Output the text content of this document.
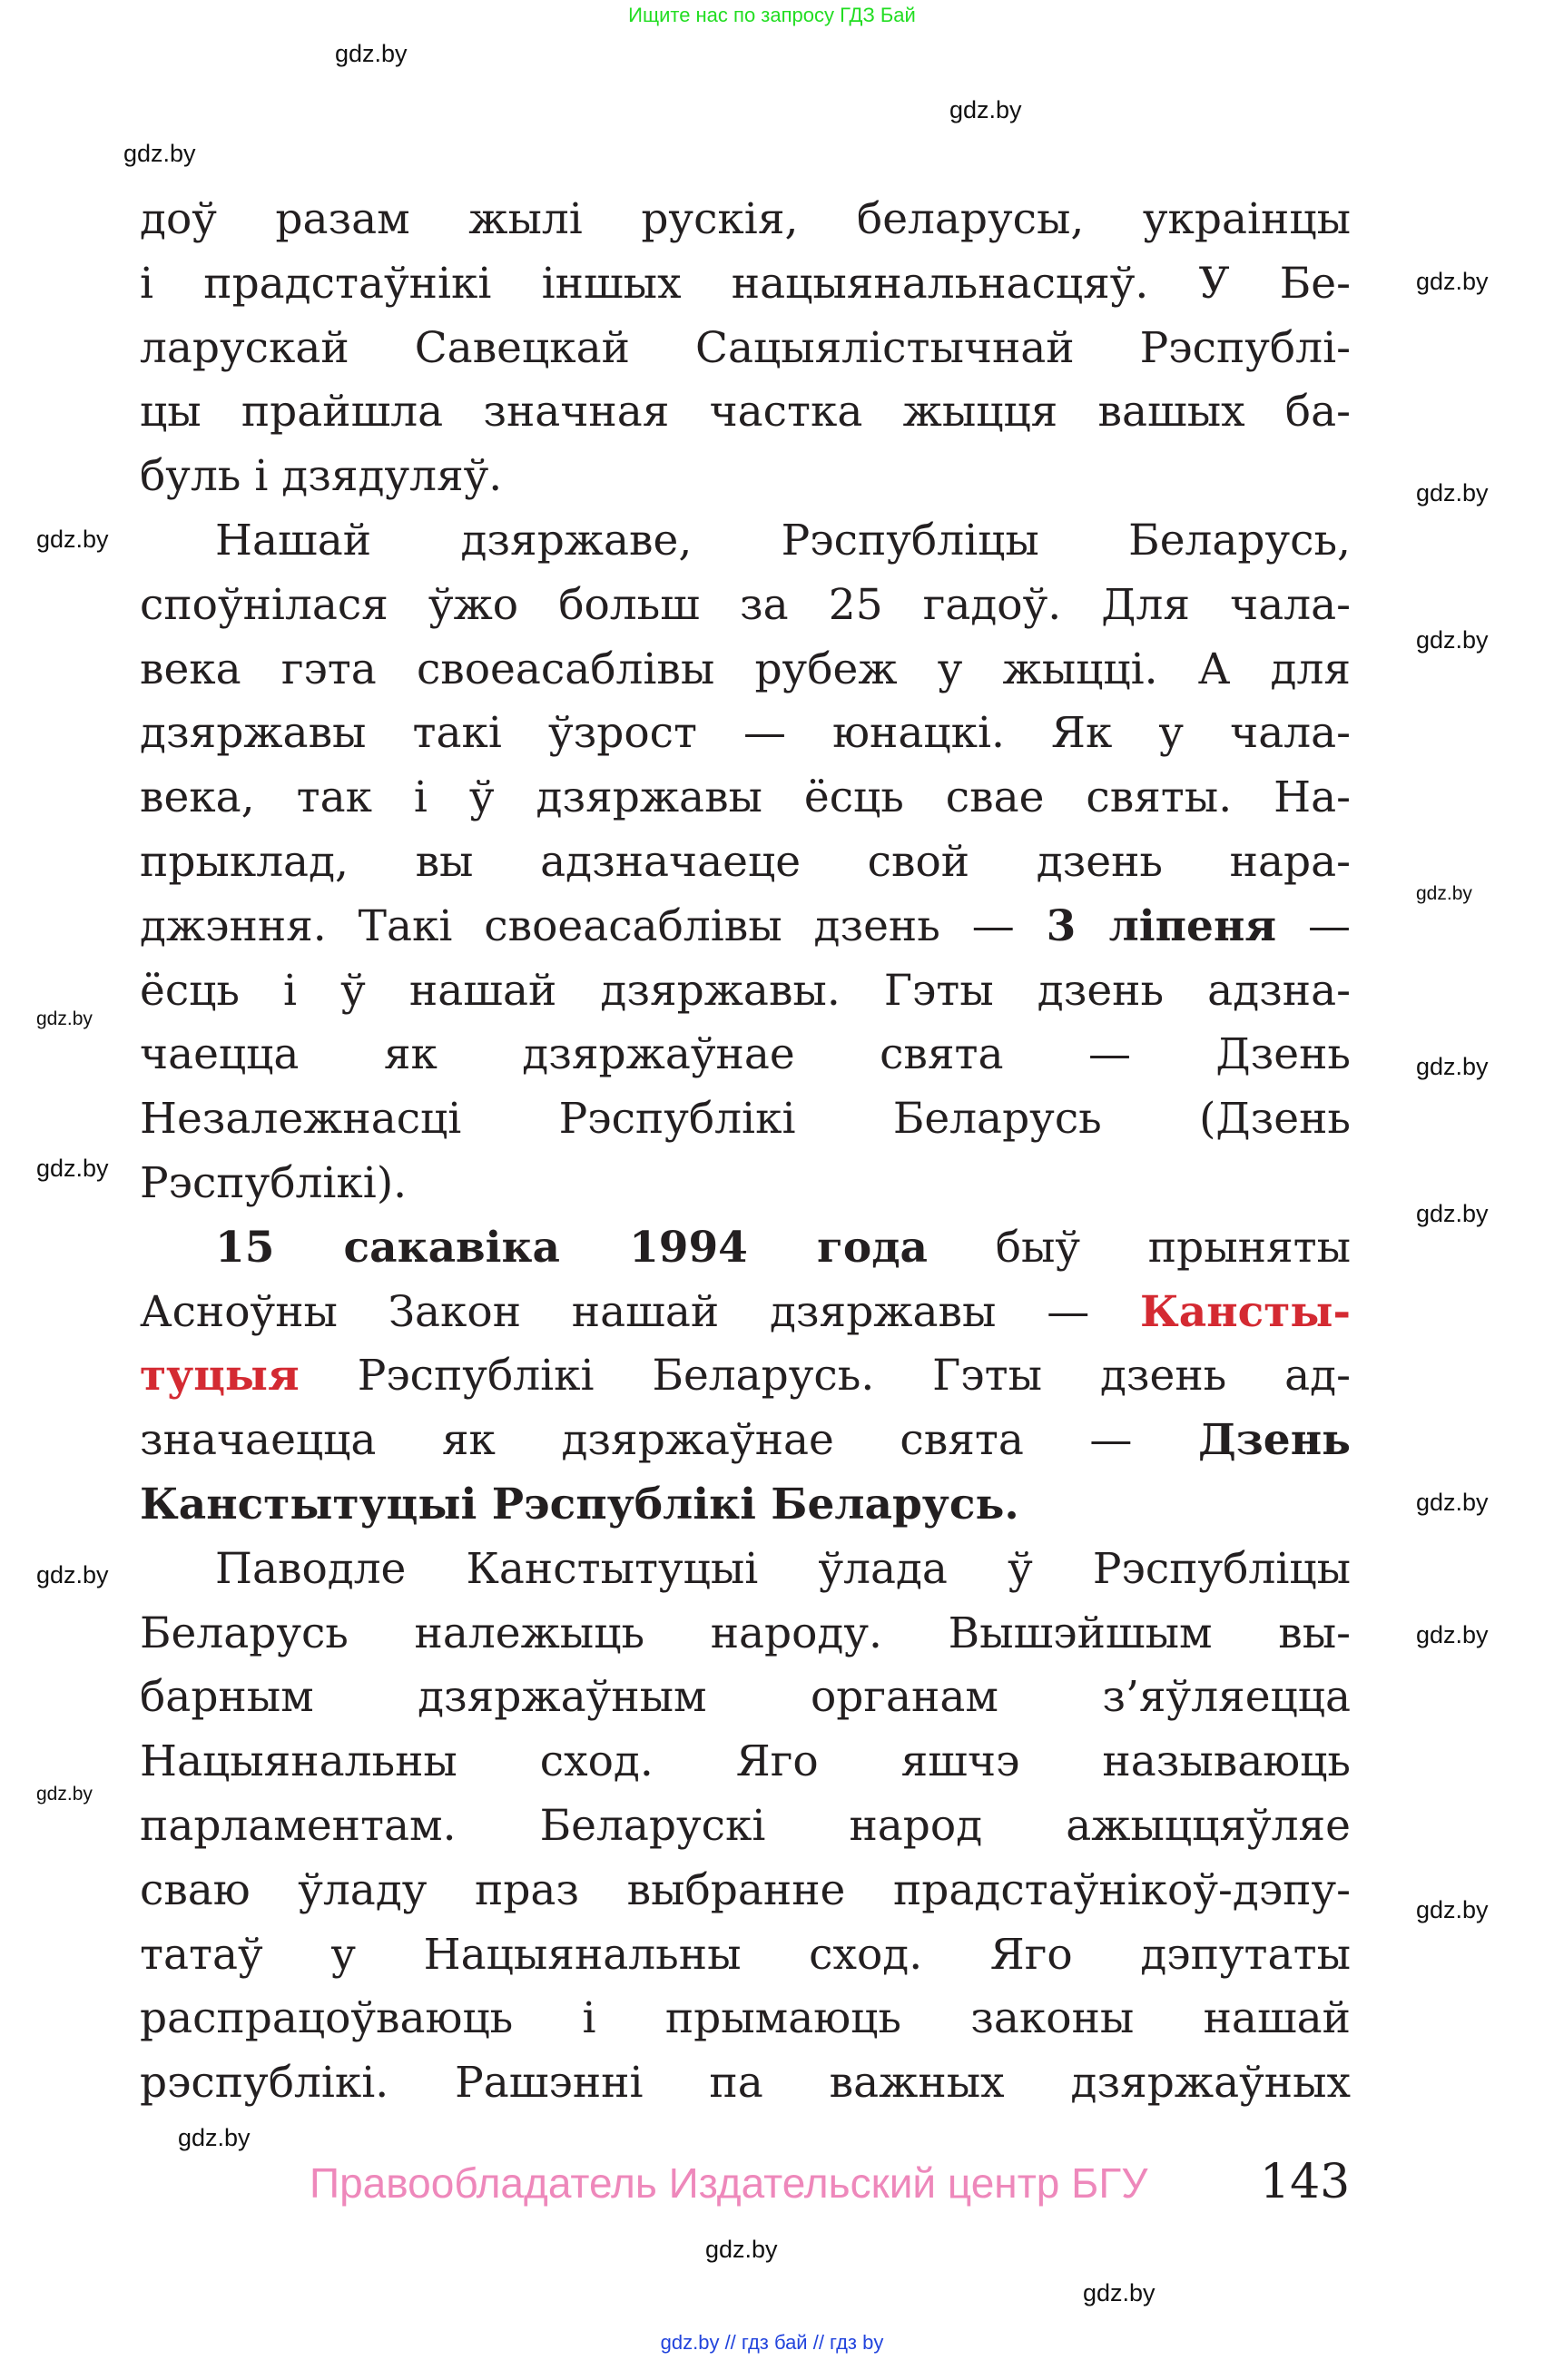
Ищите нас по запросу ГДЗ Бай
доў разам жылі рускія, беларусы, украінцы
і прадстаўнікі іншых нацыянальнасцяў. У Бе-
ларускай Савецкай Сацыялістычнай Рэспублі-
цы прайшла значная частка жыцця вашых ба-
буль і дзядуляў.
Нашай дзяржаве, Рэспубліцы Беларусь,
споўнілася ўжо больш за 25 гадоў. Для чала-
века гэта своеасаблівы рубеж у жыцці. А для
дзяржавы такі ўзрост — юнацкі. Як у чала-
века, так і ў дзяржавы ёсць свае святы. На-
прыклад, вы адзначаеце свой дзень нара-
джэння. Такі своеасаблівы дзень — 3 ліпеня —
ёсць і ў нашай дзяржавы. Гэты дзень адзна-
чаецца як дзяржаўнае свята — Дзень
Незалежнасці Рэспублікі Беларусь (Дзень
Рэспублікі).
15 сакавіка 1994 года быў прыняты
Асноўны Закон нашай дзяржавы — Кансты-
туцыя Рэспублікі Беларусь. Гэты дзень ад-
значаецца як дзяржаўнае свята — Дзень
Канстытуцыі Рэспублікі Беларусь.
Паводле Канстытуцыі ўлада ў Рэспубліцы
Беларусь належыць народу. Вышэйшым вы-
барным дзяржаўным органам з’яўляецца
Нацыянальны сход. Яго яшчэ называюць
парламентам. Беларускі народ ажыццяўляе
сваю ўладу праз выбранне прадстаўнікоў-дэпу-
татаў у Нацыянальны сход. Яго дэпутаты
распрацоўваюць і прымаюць законы нашай
рэспублікі. Рашэнні па важных дзяржаўных
gdz.by
gdz.by
gdz.by
gdz.by
gdz.by
gdz.by
gdz.by
gdz.by
gdz.by
gdz.by
gdz.by
gdz.by
gdz.by
gdz.by
gdz.by
gdz.by
gdz.by
gdz.by
gdz.by
gdz.by
Правообладатель Издательский центр БГУ 143
gdz.by // гдз бай // гдз by
